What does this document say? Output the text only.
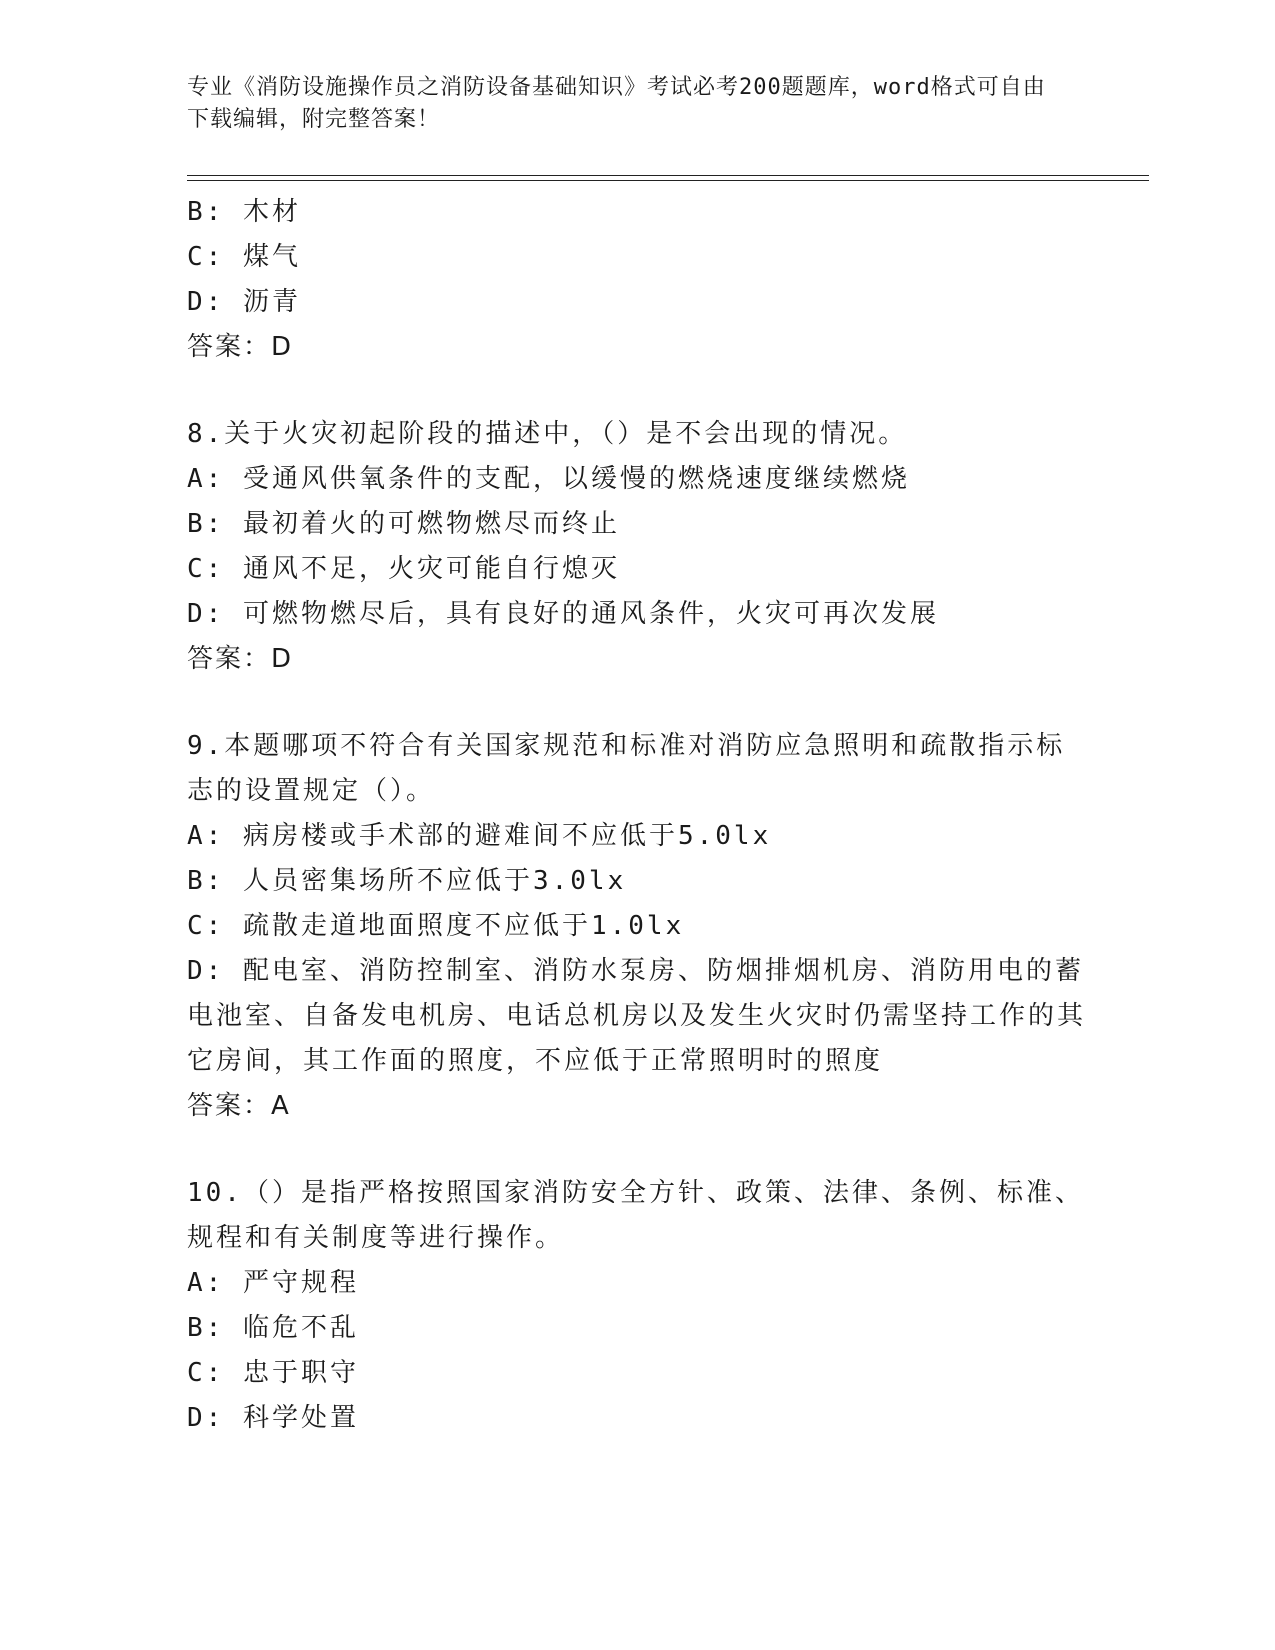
专业《消防设施操作员之消防设备基础知识》考试必考200题题库，word格式可自由下载编辑，附完整答案！
B: 木材
C: 煤气
D: 沥青
答案：D
8.关于火灾初起阶段的描述中，（）是不会出现的情况。
A: 受通风供氧条件的支配，以缓慢的燃烧速度继续燃烧
B: 最初着火的可燃物燃尽而终止
C: 通风不足，火灾可能自行熄灭
D: 可燃物燃尽后，具有良好的通风条件，火灾可再次发展
答案：D
9.本题哪项不符合有关国家规范和标准对消防应急照明和疏散指示标志的设置规定（）。
A: 病房楼或手术部的避难间不应低于5.0lx
B: 人员密集场所不应低于3.0lx
C: 疏散走道地面照度不应低于1.0lx
D: 配电室、消防控制室、消防水泵房、防烟排烟机房、消防用电的蓄电池室、自备发电机房、电话总机房以及发生火灾时仍需坚持工作的其它房间，其工作面的照度，不应低于正常照明时的照度
答案：A
10.（）是指严格按照国家消防安全方针、政策、法律、条例、标准、规程和有关制度等进行操作。
A: 严守规程
B: 临危不乱
C: 忠于职守
D: 科学处置
